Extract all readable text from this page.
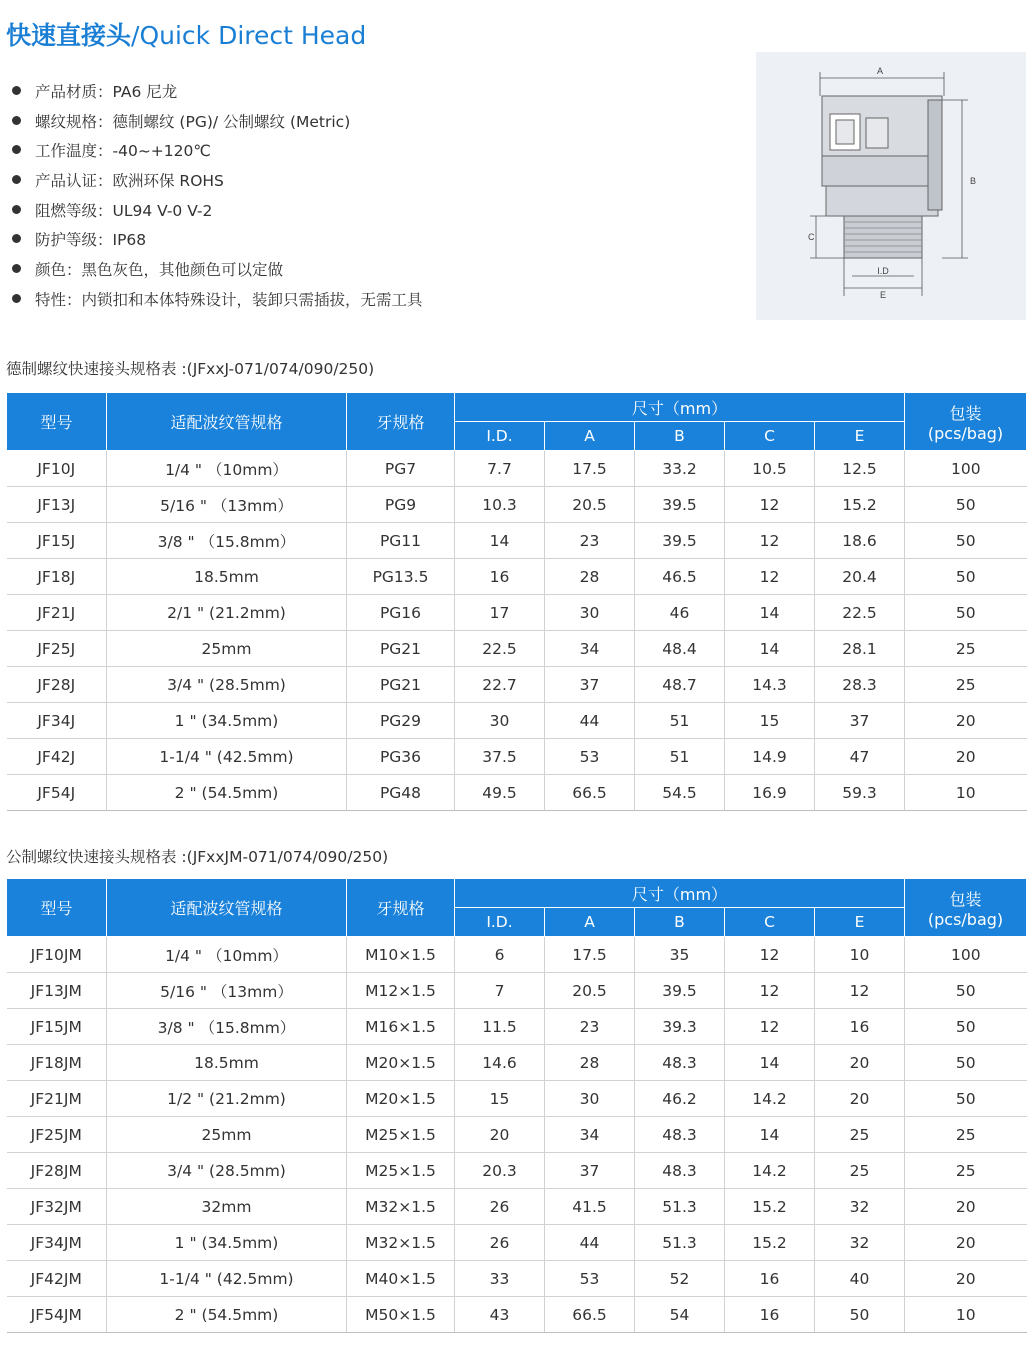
快速直接头/Quick Direct Head
产品材质：PA6 尼龙
螺纹规格：德制螺纹 (PG)/ 公制螺纹 (Metric)
工作温度：-40~+120℃
产品认证：欧洲环保 ROHS
阻燃等级：UL94 V-0 V-2
防护等级：IP68
颜色：黑色灰色，其他颜色可以定做
特性：内锁扣和本体特殊设计，装卸只需插拔，无需工具
A
B
C
I.D
E
德制螺纹快速接头规格表 :(JFxxJ-071/074/090/250)
型号	适配波纹管规格	牙规格	尺寸（mm）					包装
(pcs/bag)
			I.D.	A	B	C	E	
JF10J	1/4 " （10mm）	PG7	7.7	17.5	33.2	10.5	12.5	100
JF13J	5/16 " （13mm）	PG9	10.3	20.5	39.5	12	15.2	50
JF15J	3/8 " （15.8mm）	PG11	14	23	39.5	12	18.6	50
JF18J	18.5mm	PG13.5	16	28	46.5	12	20.4	50
JF21J	2/1 " (21.2mm)	PG16	17	30	46	14	22.5	50
JF25J	25mm	PG21	22.5	34	48.4	14	28.1	25
JF28J	3/4 " (28.5mm)	PG21	22.7	37	48.7	14.3	28.3	25
JF34J	1 " (34.5mm)	PG29	30	44	51	15	37	20
JF42J	1-1/4 " (42.5mm)	PG36	37.5	53	51	14.9	47	20
JF54J	2 " (54.5mm)	PG48	49.5	66.5	54.5	16.9	59.3	10
公制螺纹快速接头规格表 :(JFxxJM-071/074/090/250)
型号	适配波纹管规格	牙规格	尺寸（mm）					包装
(pcs/bag)
			I.D.	A	B	C	E	
JF10JM	1/4 " （10mm）	M10×1.5	6	17.5	35	12	10	100
JF13JM	5/16 " （13mm）	M12×1.5	7	20.5	39.5	12	12	50
JF15JM	3/8 " （15.8mm）	M16×1.5	11.5	23	39.3	12	16	50
JF18JM	18.5mm	M20×1.5	14.6	28	48.3	14	20	50
JF21JM	1/2 " (21.2mm)	M20×1.5	15	30	46.2	14.2	20	50
JF25JM	25mm	M25×1.5	20	34	48.3	14	25	25
JF28JM	3/4 " (28.5mm)	M25×1.5	20.3	37	48.3	14.2	25	25
JF32JM	32mm	M32×1.5	26	41.5	51.3	15.2	32	20
JF34JM	1 " (34.5mm)	M32×1.5	26	44	51.3	15.2	32	20
JF42JM	1-1/4 " (42.5mm)	M40×1.5	33	53	52	16	40	20
JF54JM	2 " (54.5mm)	M50×1.5	43	66.5	54	16	50	10
